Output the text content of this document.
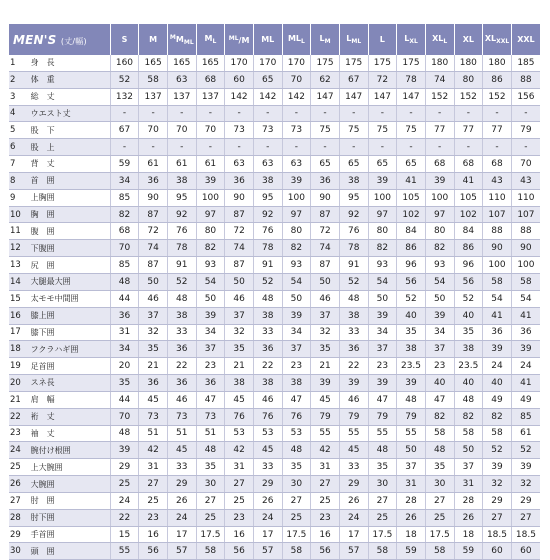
MEN'S (丈/幅)		S	M	$^MM_{ML}$	$M_L$	$^{ML}$/M	ML	$ML_L$	$L_M$	$L_{ML}$	L	$L_{XL}$	$XL_L$	XL	$XL_{XXL}$	XXL
1	身　長	160	165	165	165	170	170	170	175	175	175	175	180	180	180	185
2	体　重	52	58	63	68	60	65	70	62	67	72	78	74	80	86	88
3	総　丈	132	137	137	137	142	142	142	147	147	147	147	152	152	152	156
4	ウエスト丈	-	-	-	-	-	-	-	-	-	-	-	-	-	-	-
5	股　下	67	70	70	70	73	73	73	75	75	75	75	77	77	77	79
6	股　上	-	-	-	-	-	-	-	-	-	-	-	-	-	-	-
7	背　丈	59	61	61	61	63	63	63	65	65	65	65	68	68	68	70
8	首　囲	34	36	38	39	36	38	39	36	38	39	41	39	41	43	43
9	上胸囲	85	90	95	100	90	95	100	90	95	100	105	100	105	110	110
10	胸　囲	82	87	92	97	87	92	97	87	92	97	102	97	102	107	107
11	腹　囲	68	72	76	80	72	76	80	72	76	80	84	80	84	88	88
12	下腹囲	70	74	78	82	74	78	82	74	78	82	86	82	86	90	90
13	尻　囲	85	87	91	93	87	91	93	87	91	93	96	93	96	100	100
14	大腿最大囲	48	50	52	54	50	52	54	50	52	54	56	54	56	58	58
15	太モモ中間囲	44	46	48	50	46	48	50	46	48	50	52	50	52	54	54
16	膝上囲	36	37	38	39	37	38	39	37	38	39	40	39	40	41	41
17	膝下囲	31	32	33	34	32	33	34	32	33	34	35	34	35	36	36
18	フクラハギ囲	34	35	36	37	35	36	37	35	36	37	38	37	38	39	39
19	足首囲	20	21	22	23	21	22	23	21	22	23	23.5	23	23.5	24	24
20	スネ長	35	36	36	36	38	38	38	39	39	39	39	40	40	40	41
21	肩　幅	44	45	46	47	45	46	47	45	46	47	48	47	48	49	49
22	裄　丈	70	73	73	73	76	76	76	79	79	79	79	82	82	82	85
23	袖　丈	48	51	51	51	53	53	53	55	55	55	55	58	58	58	61
24	腕付け根囲	39	42	45	48	42	45	48	42	45	48	50	48	50	52	52
25	上大腕囲	29	31	33	35	31	33	35	31	33	35	37	35	37	39	39
26	大腕囲	25	27	29	30	27	29	30	27	29	30	31	30	31	32	32
27	肘　囲	24	25	26	27	25	26	27	25	26	27	28	27	28	29	29
28	肘下囲	22	23	24	25	23	24	25	23	24	25	26	25	26	27	27
29	手首囲	15	16	17	17.5	16	17	17.5	16	17	17.5	18	17.5	18	18.5	18.5
30	頭　囲	55	56	57	58	56	57	58	56	57	58	59	58	59	60	60
